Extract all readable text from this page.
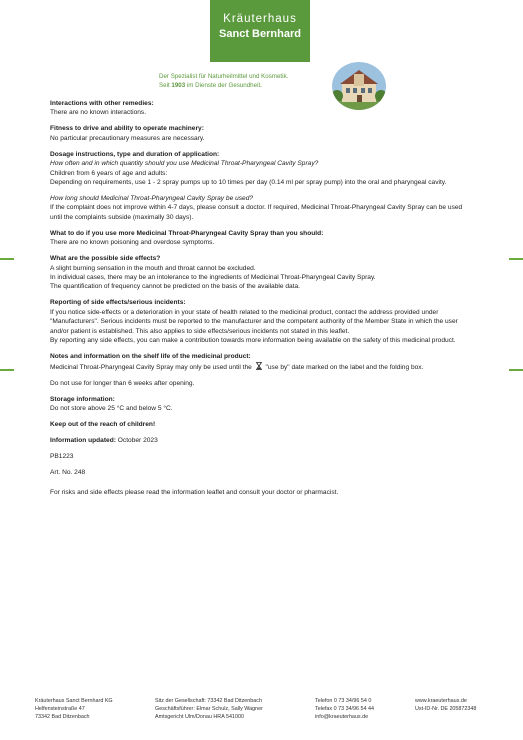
Kräuterhaus
Sanct Bernhard
Der Spezialist für Naturheilmittel und Kosmetik.
Seit 1903 im Dienste der Gesundheit.

Interactions with other remedies:

There are no known interactions.

Fitness to drive and ability to operate machinery:

No particular precautionary measures are necessary.

Dosage instructions, type and duration of application:

How often and in which quantity should you use Medicinal Throat-Pharyngeal Cavity Spray?

Children from 6 years of age and adults:

Depending on requirements, use 1 - 2 spray pumps up to 10 times per day (0.14 ml per spray pump) into the oral and pharyngeal cavity.

How long should Medicinal Throat-Pharyngeal Cavity Spray be used?

If the complaint does not improve within 4-7 days, please consult a doctor. If required, Medicinal Throat-Pharyngeal Cavity Spray can be used until the complaints subside (maximally 30 days).

What to do if you use more Medicinal Throat-Pharyngeal Cavity Spray than you should:

There are no known poisoning and overdose symptoms.

What are the possible side effects?

A slight burning sensation in the mouth and throat cannot be excluded.

In individual cases, there may be an intolerance to the ingredients of Medicinal Throat-Pharyngeal Cavity Spray.

The quantification of frequency cannot be predicted on the basis of the available data.

Reporting of side effects/serious incidents:

If you notice side-effects or a deterioration in your state of health related to the medicinal product, contact the address provided under "Manufacturers". Serious incidents must be reported to the manufacturer and the competent authority of the Member State in which the user and/or patient is established. This also applies to side effects/serious incidents not stated in this leaflet.

By reporting any side effects, you can make a contribution towards more information being available on the safety of this medicinal product.

Notes and information on the shelf life of the medicinal product:

Medicinal Throat-Pharyngeal Cavity Spray may only be used until the "use by" date marked on the label and the folding box.

Do not use for longer than 6 weeks after opening.

Storage information:

Do not store above 25 °C and below 5 °C.

Keep out of the reach of children!

Information updated: October 2023

PB1223

Art. No. 248

For risks and side effects please read the information leaflet and consult your doctor or pharmacist.

Kräuterhaus Sanct Bernhard KG

Helfensteinstraße 47

73342 Bad Ditzenbach

Sitz der Gesellschaft: 73342 Bad Ditzenbach

Geschäftsführer: Elmar Schulz, Sally Wagner

Amtsgericht Ulm/Donau HRA 541000

Telefon 0 73 34/96 54 0

Telefax 0 73 34/96 54 44

info@kraeuterhaus.de

www.kraeuterhaus.de

Ust-ID-Nr. DE 205872348
